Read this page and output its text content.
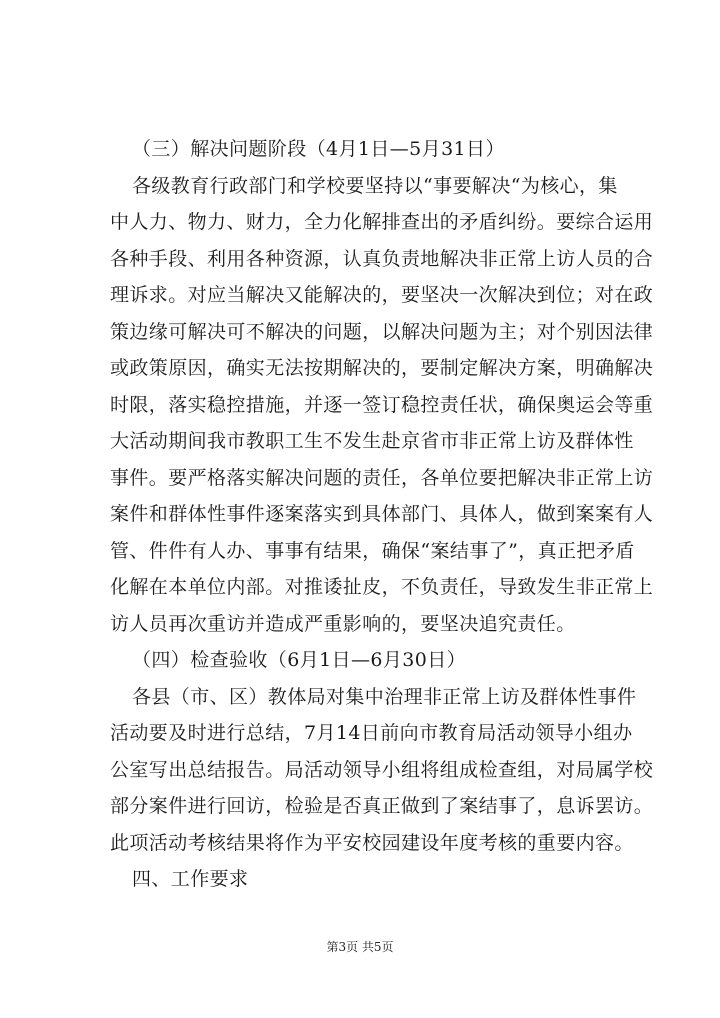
（三）解决问题阶段（4月1日—5月31日）
各级教育行政部门和学校要坚持以“事要解决“为核心，集
中人力、物力、财力，全力化解排查出的矛盾纠纷。要综合运用
各种手段、利用各种资源，认真负责地解决非正常上访人员的合
理诉求。对应当解决又能解决的，要坚决一次解决到位；对在政
策边缘可解决可不解决的问题，以解决问题为主；对个别因法律
或政策原因，确实无法按期解决的，要制定解决方案，明确解决
时限，落实稳控措施，并逐一签订稳控责任状，确保奥运会等重
大活动期间我市教职工生不发生赴京省市非正常上访及群体性
事件。要严格落实解决问题的责任，各单位要把解决非正常上访
案件和群体性事件逐案落实到具体部门、具体人，做到案案有人
管、件件有人办、事事有结果，确保“案结事了”，真正把矛盾
化解在本单位内部。对推诿扯皮，不负责任，导致发生非正常上
访人员再次重访并造成严重影响的，要坚决追究责任。
（四）检查验收（6月1日—6月30日）
各县（市、区）教体局对集中治理非正常上访及群体性事件
活动要及时进行总结，7月14日前向市教育局活动领导小组办
公室写出总结报告。局活动领导小组将组成检查组，对局属学校
部分案件进行回访，检验是否真正做到了案结事了，息诉罢访。
此项活动考核结果将作为平安校园建设年度考核的重要内容。
四、工作要求
第3页 共5页
